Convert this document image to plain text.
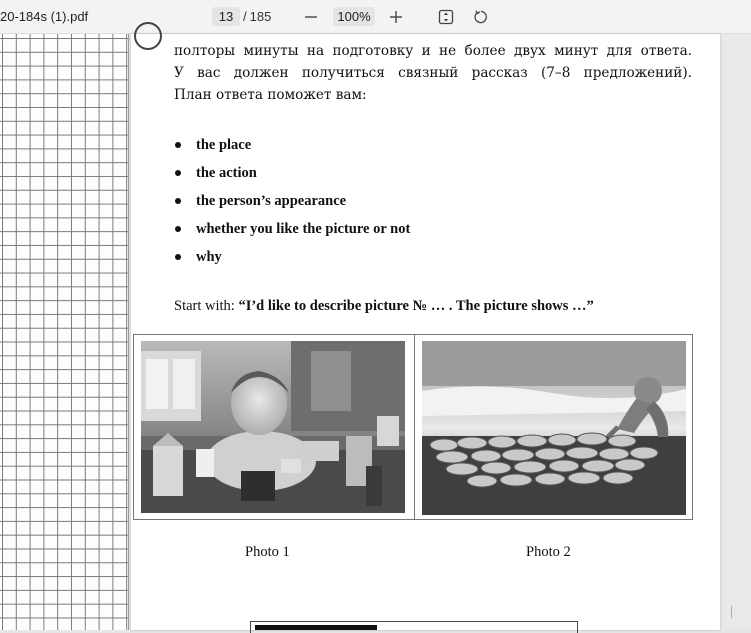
20-184s (1).pdf	13 / 185	100%
полторы минуты на подготовку и не более двух минут для ответа.
У вас должен получиться связный рассказ (7–8 предложений).
План ответа поможет вам:
the place
the action
the person’s appearance
whether you like the picture or not
why
Start with: “I’d like to describe picture № … . The picture shows …”
Photo 1	Photo 2
